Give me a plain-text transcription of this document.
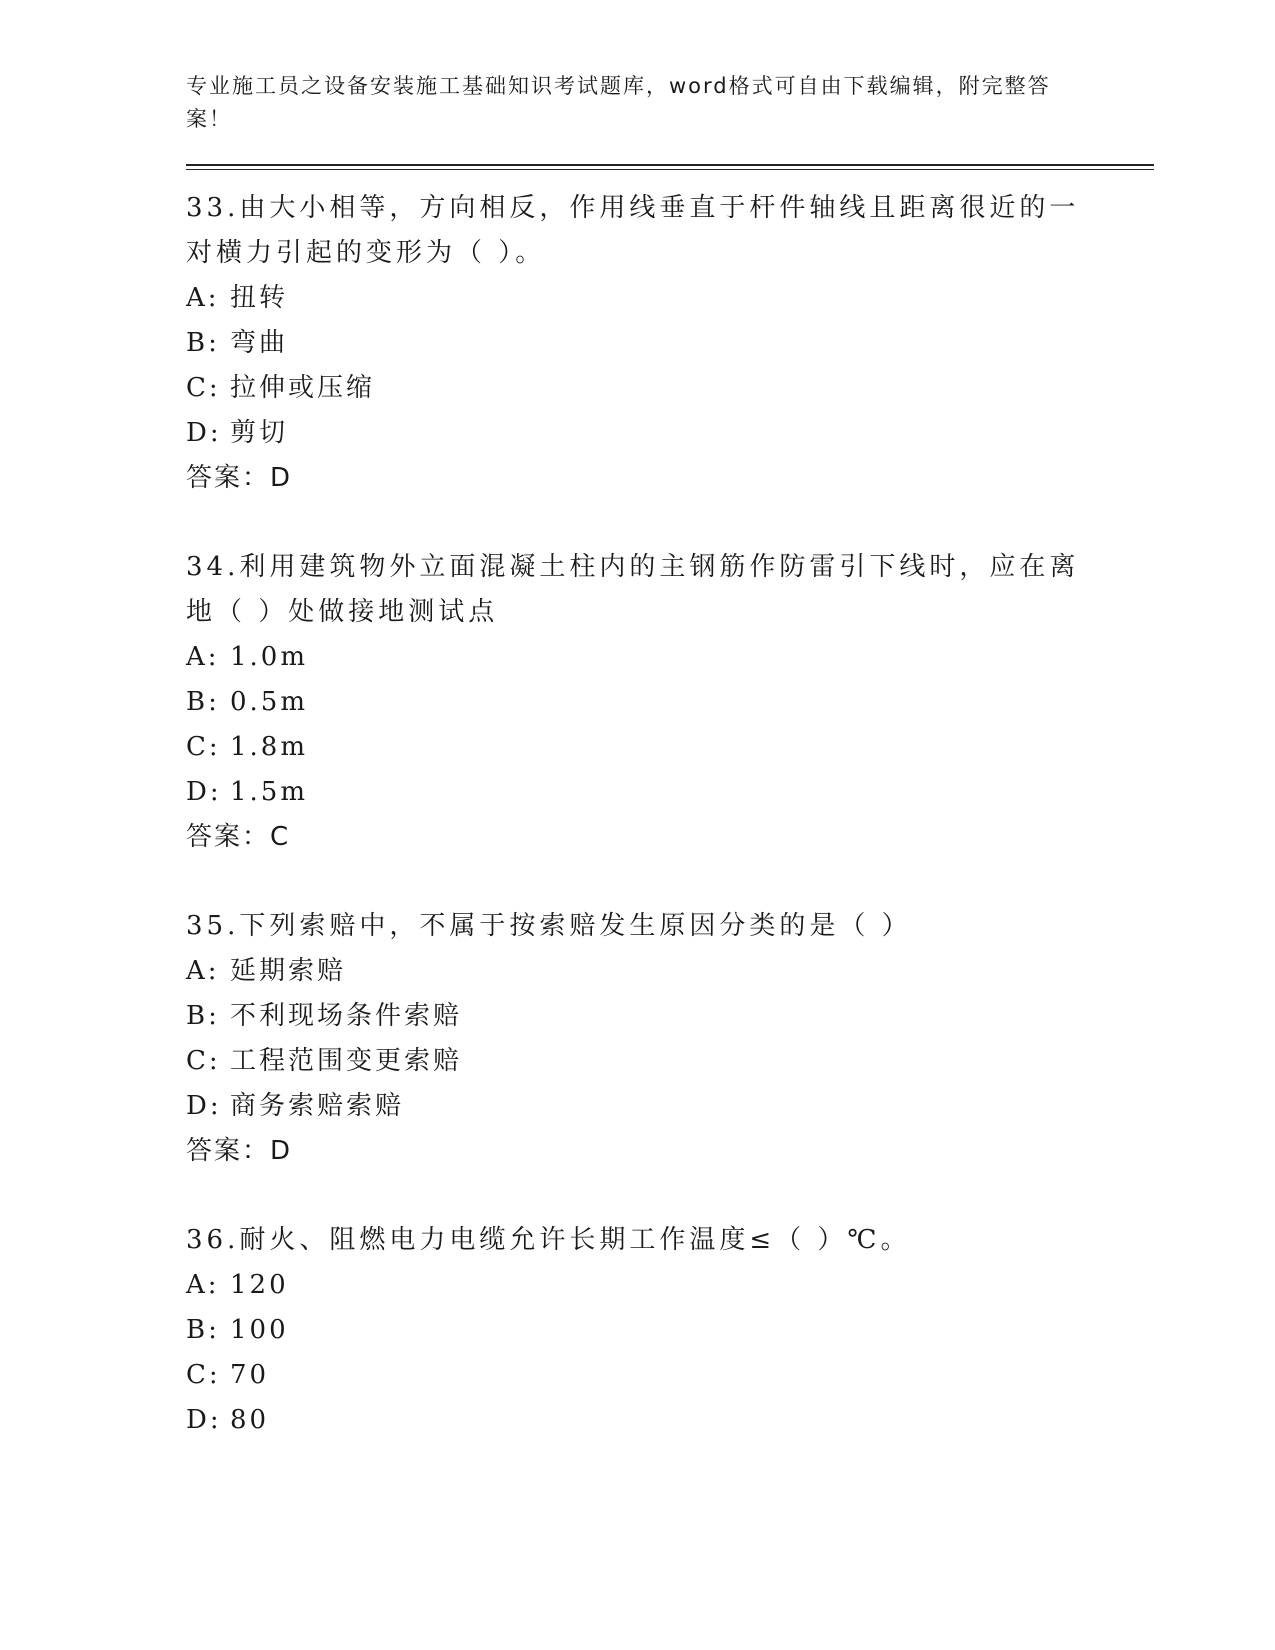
专业施工员之设备安装施工基础知识考试题库，word格式可自由下载编辑，附完整答案！

33.由大小相等，方向相反，作用线垂直于杆件轴线且距离很近的一对横力引起的变形为（ ）。

A: 扭转

B: 弯曲

C: 拉伸或压缩

D: 剪切

答案：D

34.利用建筑物外立面混凝土柱内的主钢筋作防雷引下线时，应在离地（ ）处做接地测试点

A: 1.0m

B: 0.5m

C: 1.8m

D: 1.5m

答案：C

35.下列索赔中，不属于按索赔发生原因分类的是（ ）

A: 延期索赔

B: 不利现场条件索赔

C: 工程范围变更索赔

D: 商务索赔索赔

答案：D

36.耐火、阻燃电力电缆允许长期工作温度≤（ ）℃。

A: 120

B: 100

C: 70

D: 80
